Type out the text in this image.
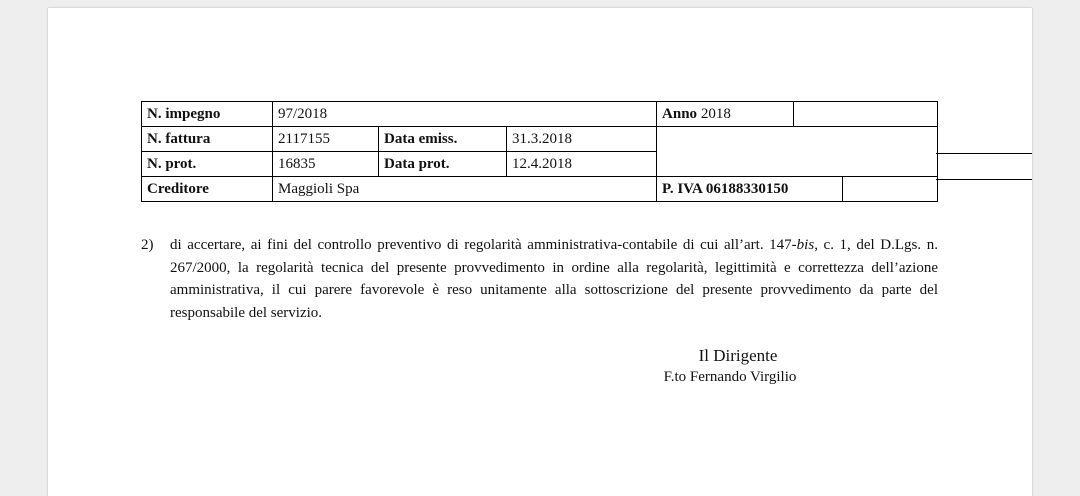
N. impegno	97/2018			Anno 2018		
N. fattura	2117155	Data emiss.	31.3.2018			
N. prot.	16835	Data prot.	12.4.2018			
Creditore	Maggioli Spa			P. IVA 06188330150		
2)	di accertare, ai fini del controllo preventivo di regolarità amministrativa-contabile di cui all’art. 147-bis, c. 1, del D.Lgs. n. 267/2000, la regolarità tecnica del presente provvedimento in ordine alla regolarità, legittimità e correttezza dell’azione amministrativa, il cui parere favorevole è reso unitamente alla sottoscrizione del presente provvedimento da parte del responsabile del servizio.
Il Dirigente
F.to Fernando Virgilio
